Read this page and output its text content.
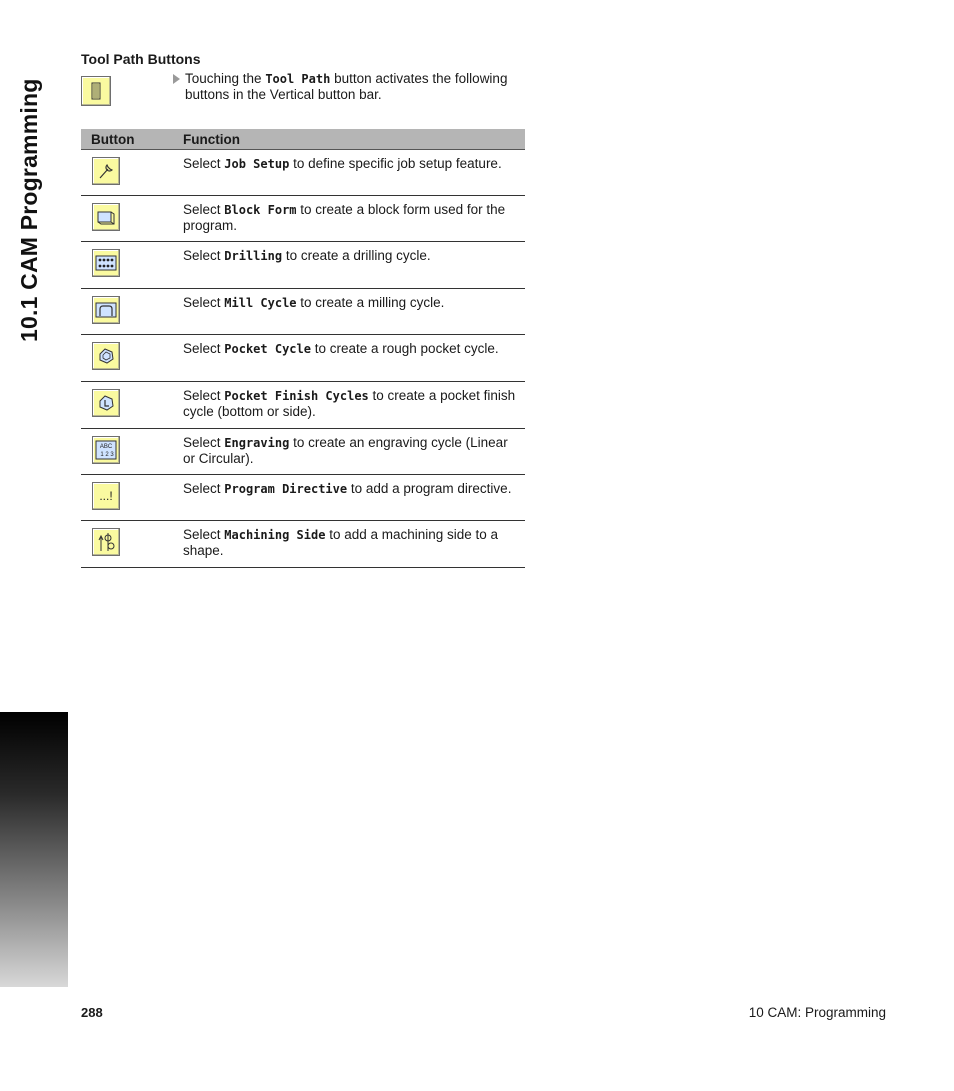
10.1 CAM Programming
Tool Path Buttons
Touching the Tool Path button activates the following buttons in the Vertical button bar.
Button	Function

	Select Job Setup to define specific job setup feature.

	Select Block Form to create a block form used for the program.

	Select Drilling to create a drilling cycle.

	Select Mill Cycle to create a milling cycle.

	Select Pocket Cycle to create a rough pocket cycle.

	Select Pocket Finish Cycles to create a pocket finish cycle (bottom or side).

ABC
1 2 3	Select Engraving to create an engraving cycle (Linear or Circular).

...!	Select Program Directive to add a program directive.

	Select Machining Side to add a machining side to a shape.
288	10 CAM: Programming
